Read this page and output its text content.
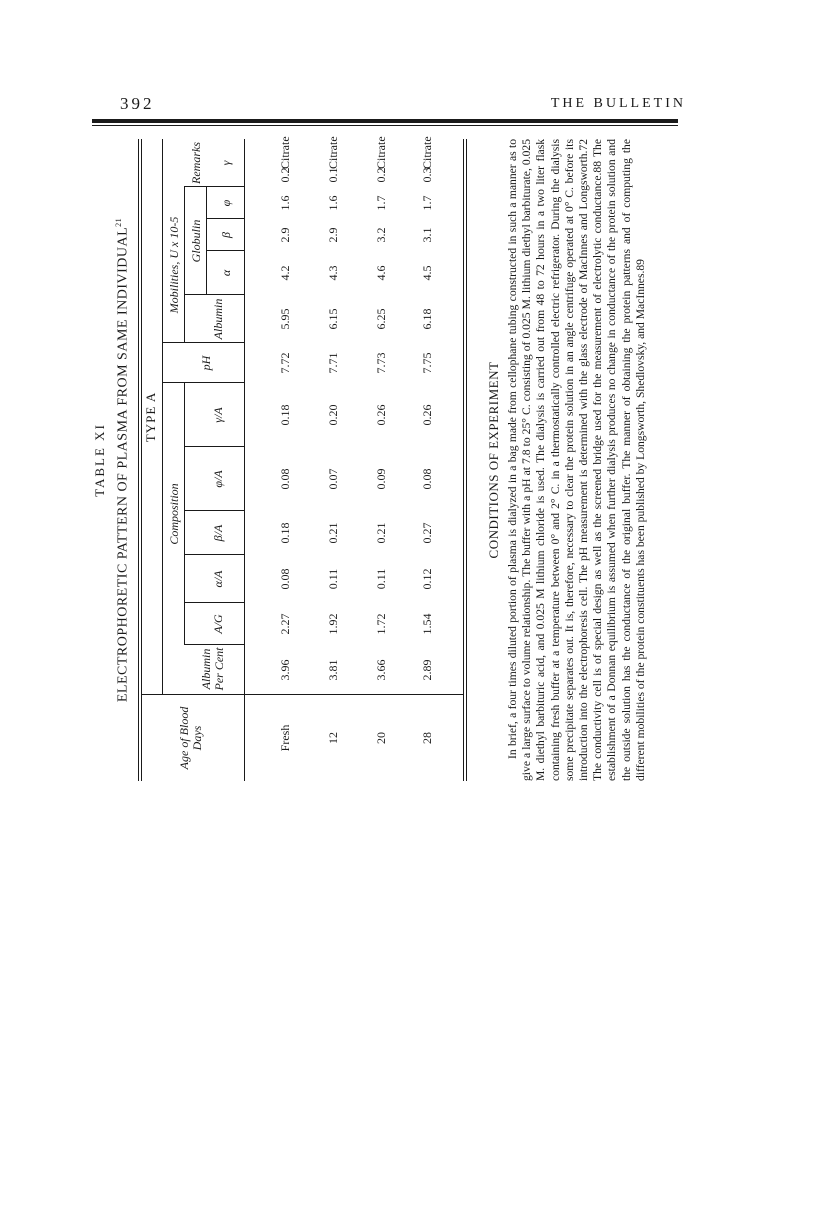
392	THE BULLETIN
TABLE XI ELECTROPHORETIC PATTERN OF PLASMA FROM SAME INDIVIDUAL$^{21}$
Age of Blood Days
TYPE A
Composition
Mobilities, U x 10-5 Globulin
Albumin Per Cent
A/G
α/A
β/A
φ/A
γ/A
pH
Albumin
α
β
φ
γ
Remarks
Fresh
3.96
2.27
0.08
0.18
0.08
0.18
7.72
5.95
4.2
2.9
1.6
0.2
Citrate
12
3.81
1.92
0.11
0.21
0.07
0.20
7.71
6.15
4.3
2.9
1.6
0.1
Citrate
20
3.66
1.72
0.11
0.21
0.09
0.26
7.73
6.25
4.6
3.2
1.7
0.2
Citrate
28
2.89
1.54
0.12
0.27
0.08
0.26
7.75
6.18
4.5
3.1
1.7
0.3
Citrate
CONDITIONS OF EXPERIMENT In brief, a four times diluted portion of plasma is dialyzed in a bag made from cellophane tubing constructed in such a manner as to give a large surface to volume relationship. The buffer with a pH at 7.8 to 25° C. consisting of 0.025 M. lithium diethyl barbiturate, 0.025 M. diethyl barbituric acid, and 0.025 M lithium chloride is used. The dialysis is carried out from 48 to 72 hours in a two liter flask containing fresh buffer at a temperature between 0° and 2° C. in a thermostatically controlled electric refrigerator. During the dialysis some precipitate separates out. It is, therefore, necessary to clear the protein solution in an angle centrifuge operated at 0° C. before its introduction into the electrophoresis cell. The pH measurement is determined with the glass electrode of MacInnes and Longsworth.72 The conductivity cell is of special design as well as the screened bridge used for the measurement of electrolytic conductance.88 The establishment of a Donnan equilibrium is assumed when further dialysis produces no change in conductance of the protein solution and the outside solution has the conductance of the original buffer. The manner of obtaining the protein patterns and of computing the different mobilities of the protein constituents has been published by Longsworth, Shedlovsky, and MacInnes.89
